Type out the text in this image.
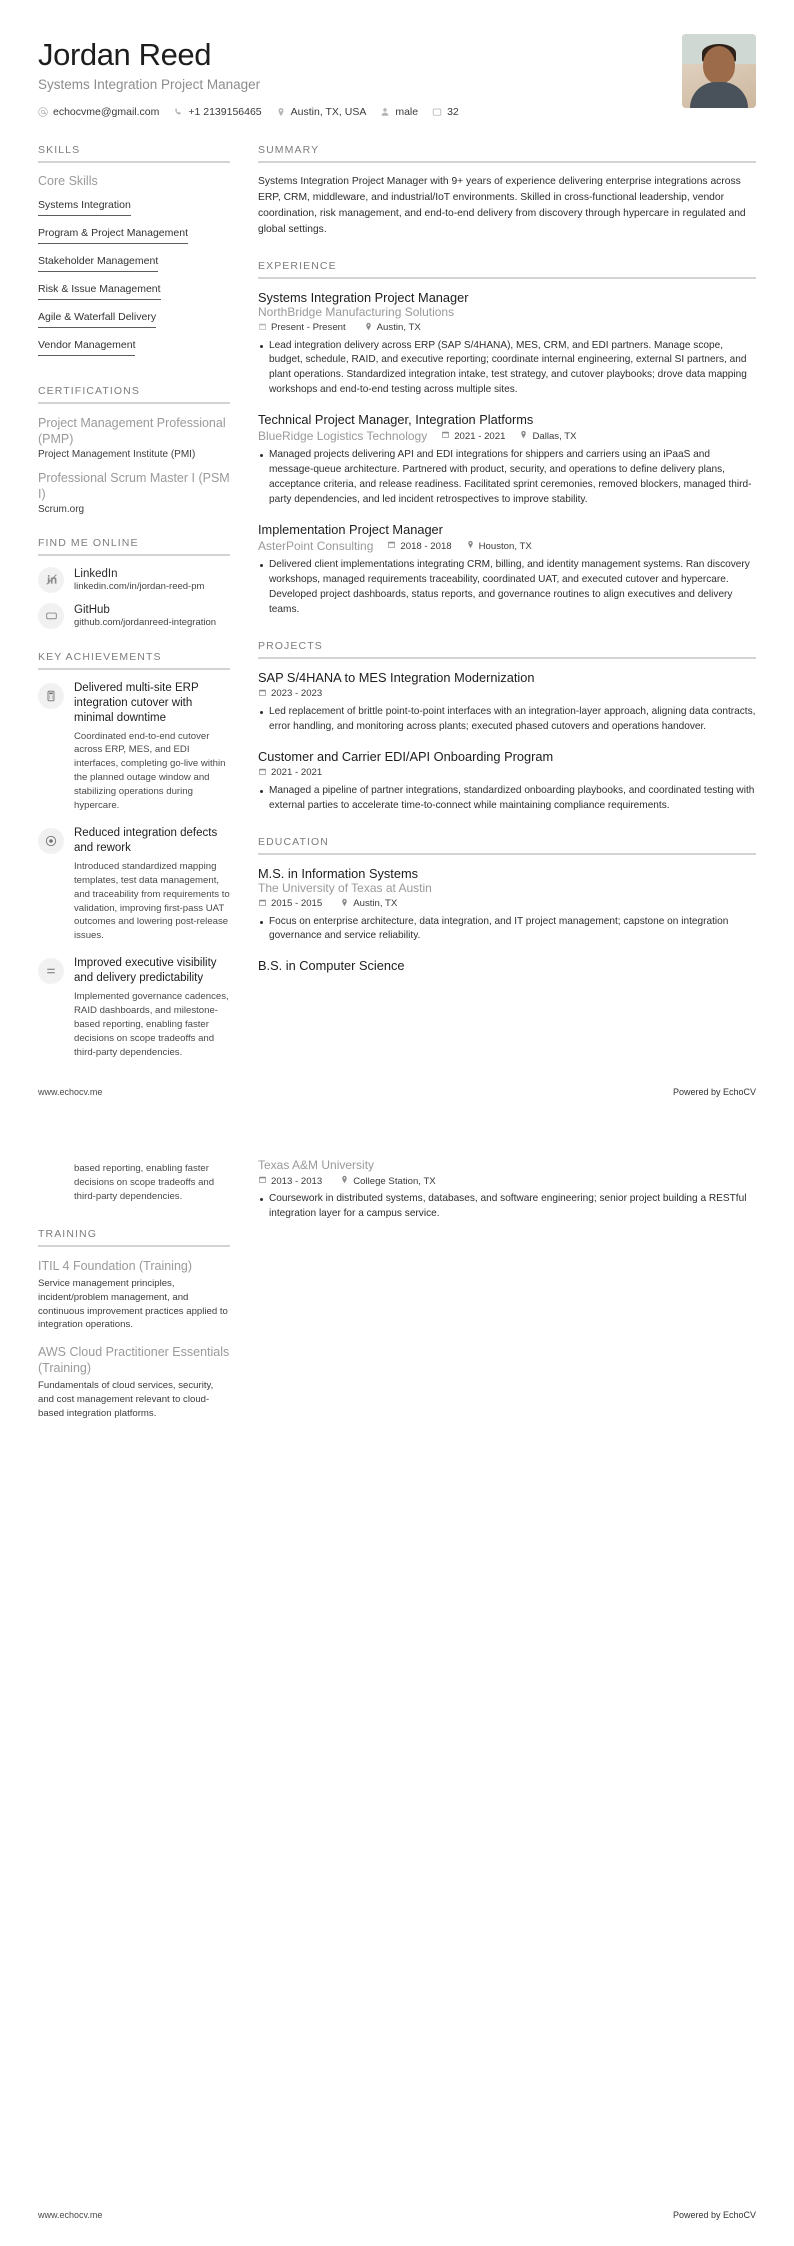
Jordan Reed
Systems Integration Project Manager
echocvme@gmail.com	+1 2139156465	Austin, TX, USA	male	32
SKILLS
Core Skills
Systems Integration
Program & Project Management
Stakeholder Management
Risk & Issue Management
Agile & Waterfall Delivery
Vendor Management
CERTIFICATIONS
Project Management Professional (PMP)
Project Management Institute (PMI)
Professional Scrum Master I (PSM I)
Scrum.org
FIND ME ONLINE
LinkedIn
linkedin.com/in/jordan-reed-pm
GitHub
github.com/jordanreed-integration
KEY ACHIEVEMENTS
Delivered multi-site ERP integration cutover with minimal downtime
Coordinated end-to-end cutover across ERP, MES, and EDI interfaces, completing go-live within the planned outage window and stabilizing operations during hypercare.
Reduced integration defects and rework
Introduced standardized mapping templates, test data management, and traceability from requirements to validation, improving first-pass UAT outcomes and lowering post-release issues.
Improved executive visibility and delivery predictability
Implemented governance cadences, RAID dashboards, and milestone-based reporting, enabling faster decisions on scope tradeoffs and third-party dependencies.
SUMMARY
Systems Integration Project Manager with 9+ years of experience delivering enterprise integrations across ERP, CRM, middleware, and industrial/IoT environments. Skilled in cross-functional leadership, vendor coordination, risk management, and end-to-end delivery from discovery through hypercare in regulated and global settings.
EXPERIENCE
Systems Integration Project Manager
NorthBridge Manufacturing Solutions
Present - Present	Austin, TX
Lead integration delivery across ERP (SAP S/4HANA), MES, CRM, and EDI partners. Manage scope, budget, schedule, RAID, and executive reporting; coordinate internal engineering, external SI partners, and plant operations. Standardized integration intake, test strategy, and cutover playbooks; drove data mapping workshops and end-to-end testing across multiple sites.
Technical Project Manager, Integration Platforms
BlueRidge Logistics Technology	2021 - 2021	Dallas, TX
Managed projects delivering API and EDI integrations for shippers and carriers using an iPaaS and message-queue architecture. Partnered with product, security, and operations to define delivery plans, acceptance criteria, and release readiness. Facilitated sprint ceremonies, removed blockers, managed third-party dependencies, and led incident retrospectives to improve stability.
Implementation Project Manager
AsterPoint Consulting	2018 - 2018	Houston, TX
Delivered client implementations integrating CRM, billing, and identity management systems. Ran discovery workshops, managed requirements traceability, coordinated UAT, and executed cutover and hypercare. Developed project dashboards, status reports, and governance routines to align executives and delivery teams.
PROJECTS
SAP S/4HANA to MES Integration Modernization
2023 - 2023
Led replacement of brittle point-to-point interfaces with an integration-layer approach, aligning data contracts, error handling, and monitoring across plants; executed phased cutovers and operations handover.
Customer and Carrier EDI/API Onboarding Program
2021 - 2021
Managed a pipeline of partner integrations, standardized onboarding playbooks, and coordinated testing with external parties to accelerate time-to-connect while maintaining compliance requirements.
EDUCATION
M.S. in Information Systems
The University of Texas at Austin
2015 - 2015	Austin, TX
Focus on enterprise architecture, data integration, and IT project management; capstone on integration governance and service reliability.
B.S. in Computer Science
www.echocv.me	Powered by EchoCV
based reporting, enabling faster decisions on scope tradeoffs and third-party dependencies.
TRAINING
ITIL 4 Foundation (Training)
Service management principles, incident/problem management, and continuous improvement practices applied to integration operations.
AWS Cloud Practitioner Essentials (Training)
Fundamentals of cloud services, security, and cost management relevant to cloud-based integration platforms.
Texas A&M University
2013 - 2013	College Station, TX
Coursework in distributed systems, databases, and software engineering; senior project building a RESTful integration layer for a campus service.
www.echocv.me	Powered by EchoCV
